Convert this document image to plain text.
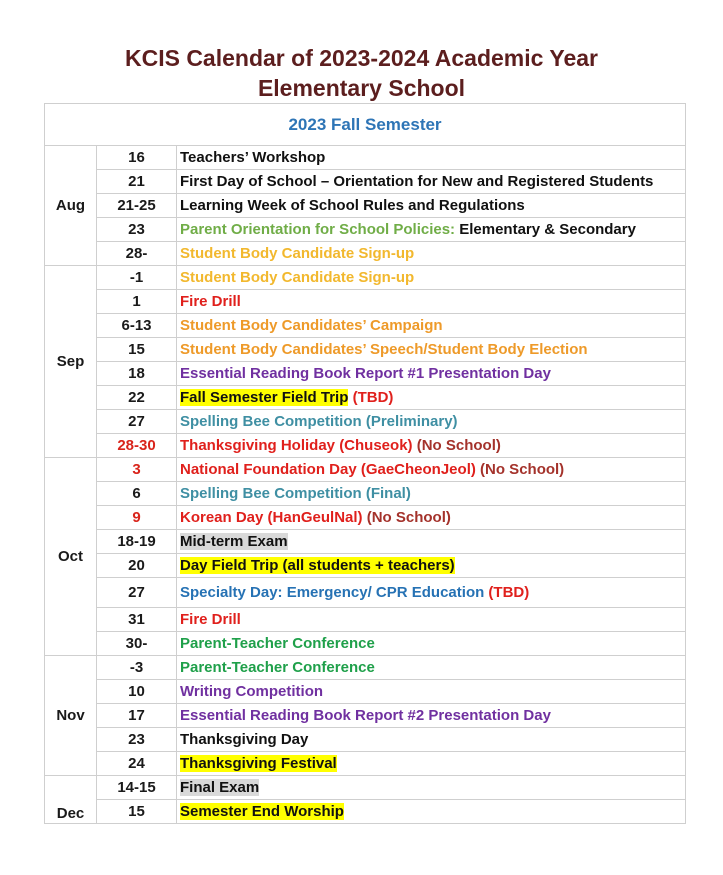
KCIS Calendar of 2023-2024 Academic Year
Elementary School
2023 Fall Semester		
Aug	16	Teachers’ Workshop
	21	First Day of School – Orientation for New and Registered Students
	21-25	Learning Week of School Rules and Regulations
	23	Parent Orientation for School Policies: Elementary & Secondary
	28-	Student Body Candidate Sign-up
Sep	-1	Student Body Candidate Sign-up
	1	Fire Drill
	6-13	Student Body Candidates’ Campaign
	15	Student Body Candidates’ Speech/Student Body Election
	18	Essential Reading Book Report #1 Presentation Day
	22	Fall Semester Field Trip (TBD)
	27	Spelling Bee Competition (Preliminary)
	28-30	Thanksgiving Holiday (Chuseok) (No School)
Oct	3	National Foundation Day (GaeCheonJeol) (No School)
	6	Spelling Bee Competition (Final)
	9	Korean Day (HanGeulNal) (No School)
	18-19	Mid-term Exam
	20	Day Field Trip (all students + teachers)
	27	Specialty Day: Emergency/ CPR Education (TBD)
	31	Fire Drill
	30-	Parent-Teacher Conference
Nov	-3	Parent-Teacher Conference
	10	Writing Competition
	17	Essential Reading Book Report #2 Presentation Day
	23	Thanksgiving Day
	24	Thanksgiving Festival
Dec	14-15	Final Exam
	15	Semester End Worship
